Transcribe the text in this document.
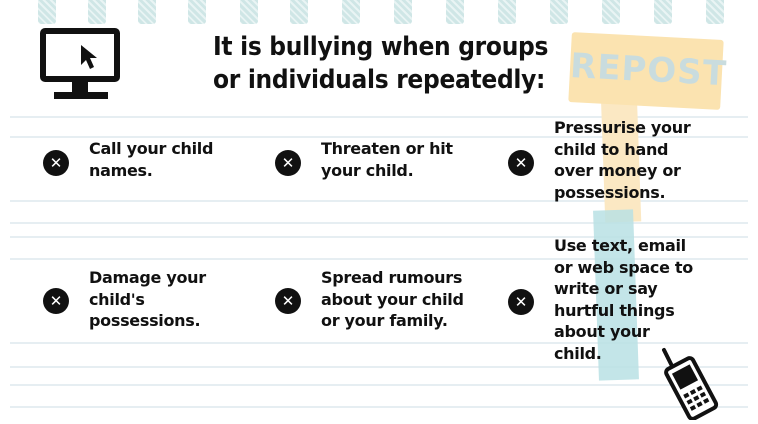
REPOST
It is bullying when groups
or individuals repeatedly:
✕
Call your child
names.	✕
Threaten or hit
your child.	✕
Pressurise your
child to hand
over money or
possessions.
✕
Damage your
child's
possessions.
✕
Spread rumours
about your child
or your family.
✕
Use text, email
or web space to
write or say
hurtful things
about your
child.
